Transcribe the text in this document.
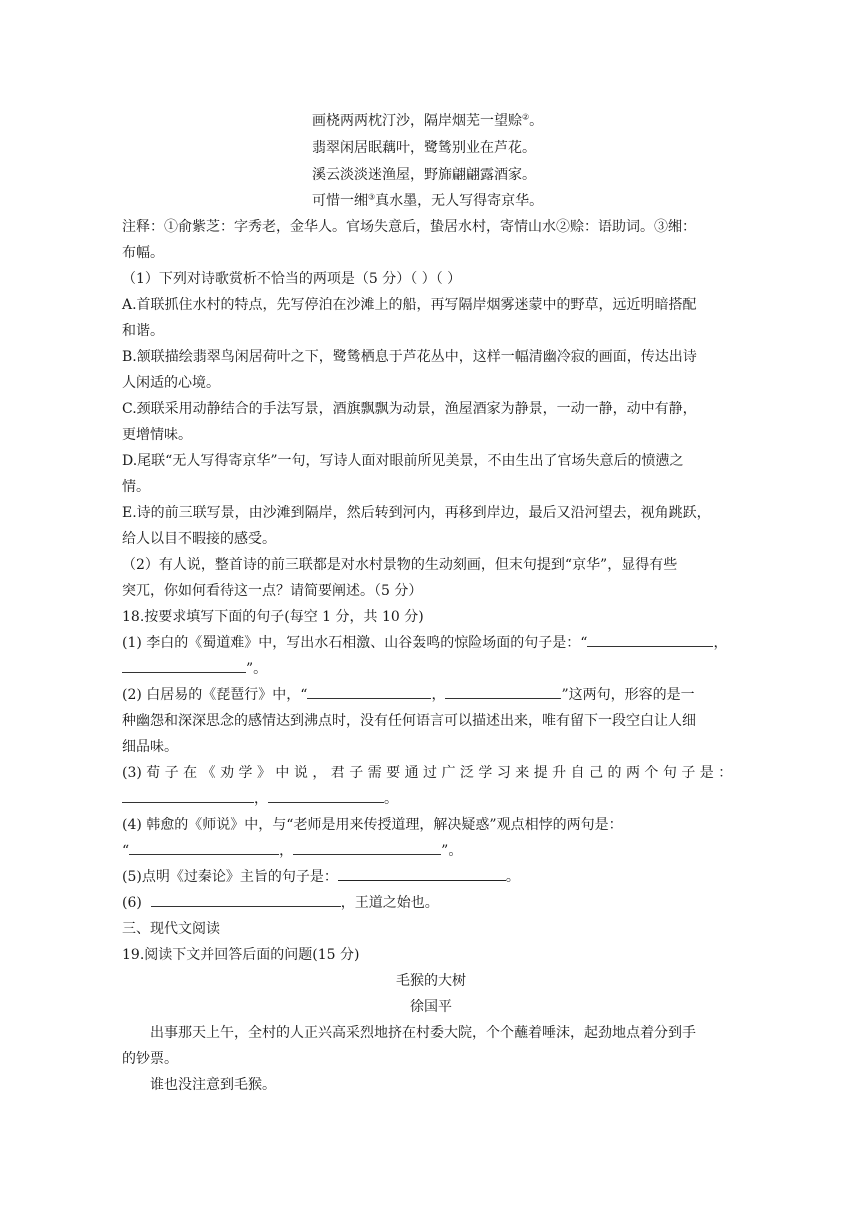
画桡两两枕汀沙，隔岸烟芜一望赊②。
翡翠闲居眠藕叶，鹭鸶别业在芦花。
溪云淡淡迷渔屋，野旆翩翩露酒家。
可惜一缃③真水墨，无人写得寄京华。
注释：①俞紫芝：字秀老，金华人。官场失意后，蛰居水村，寄情山水②赊：语助词。③缃：
布幅。
（1）下列对诗歌赏析不恰当的两项是（5 分）（ ）（ ）
A.首联抓住水村的特点，先写停泊在沙滩上的船，再写隔岸烟雾迷蒙中的野草，远近明暗搭配
和谐。
B.颔联描绘翡翠鸟闲居荷叶之下，鹭鸶栖息于芦花丛中，这样一幅清幽冷寂的画面，传达出诗
人闲适的心境。
C.颈联采用动静结合的手法写景，酒旗飘飘为动景，渔屋酒家为静景，一动一静，动中有静，
更增情味。
D.尾联“无人写得寄京华”一句，写诗人面对眼前所见美景，不由生出了官场失意后的愤懑之
情。
E.诗的前三联写景，由沙滩到隔岸，然后转到河内，再移到岸边，最后又沿河望去，视角跳跃，
给人以目不暇接的感受。
（2）有人说，整首诗的前三联都是对水村景物的生动刻画，但末句提到“京华”，显得有些
突兀，你如何看待这一点？请简要阐述。（5 分）
18.按要求填写下面的句子(每空 1 分，共 10 分)
(1) 李白的《蜀道难》中，写出水石相激、山谷轰鸣的惊险场面的句子是：“	，
”。
(2) 白居易的《琵琶行》中，“	，	”这两句，形容的是一
种幽怨和深深思念的感情达到沸点时，没有任何语言可以描述出来，唯有留下一段空白让人细
细品味。
(3) 荀 子 在 《 劝 学 》 中 说 ， 君 子 需 要 通 过 广 泛 学 习 来 提 升 自 己 的 两 个 句 子 是 ：
，	。
(4) 韩愈的《师说》中，与“老师是用来传授道理，解决疑惑”观点相悖的两句是：
“	，	”。
(5)点明《过秦论》主旨的句子是：	。
(6)	，王道之始也。
三、现代文阅读
19.阅读下文并回答后面的问题(15 分)
毛猴的大树
徐国平
出事那天上午，全村的人正兴高采烈地挤在村委大院，个个蘸着唾沫，起劲地点着分到手
的钞票。
谁也没注意到毛猴。
